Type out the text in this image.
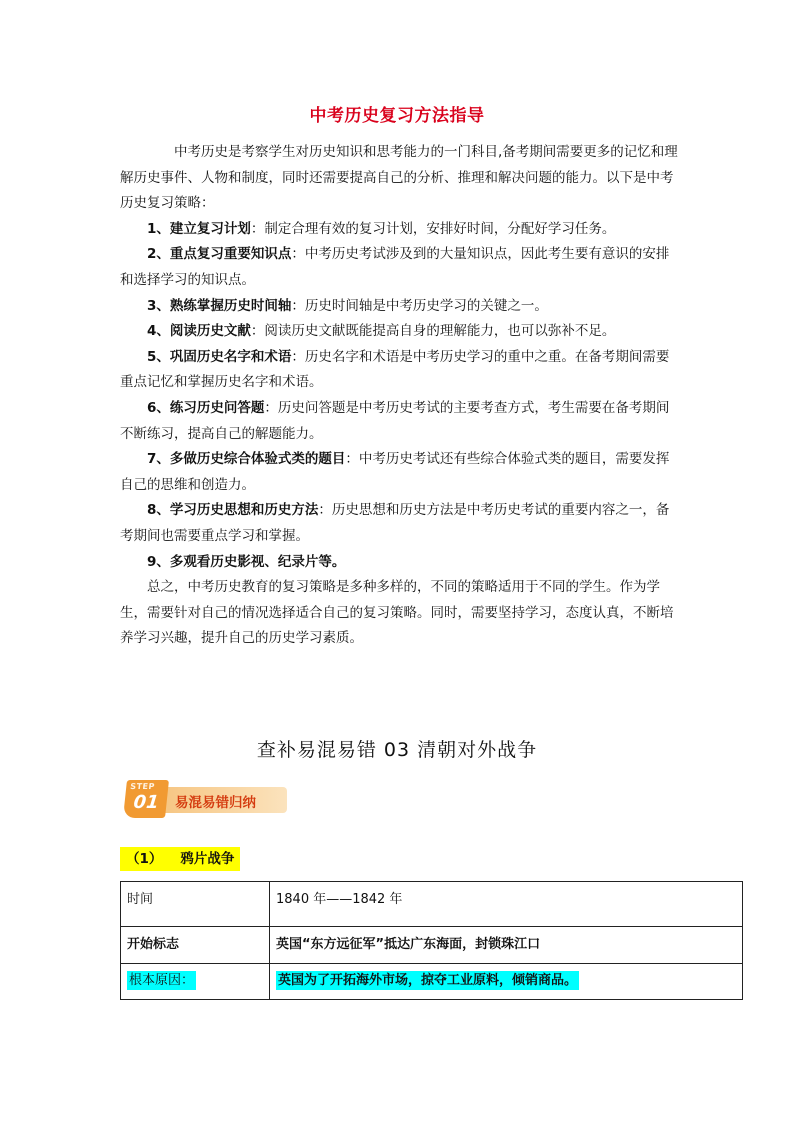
中考历史复习方法指导

中考历史是考察学生对历史知识和思考能力的一门科目,备考期间需要更多的记忆和理解历史事件、人物和制度，同时还需要提高自己的分析、推理和解决问题的能力。以下是中考历史复习策略：

1、建立复习计划：制定合理有效的复习计划，安排好时间，分配好学习任务。

2、重点复习重要知识点：中考历史考试涉及到的大量知识点，因此考生要有意识的安排和选择学习的知识点。

3、熟练掌握历史时间轴：历史时间轴是中考历史学习的关键之一。

4、阅读历史文献：阅读历史文献既能提高自身的理解能力，也可以弥补不足。

5、巩固历史名字和术语：历史名字和术语是中考历史学习的重中之重。在备考期间需要重点记忆和掌握历史名字和术语。

6、练习历史问答题：历史问答题是中考历史考试的主要考查方式，考生需要在备考期间不断练习，提高自己的解题能力。

7、多做历史综合体验式类的题目：中考历史考试还有些综合体验式类的题目，需要发挥自己的思维和创造力。

8、学习历史思想和历史方法：历史思想和历史方法是中考历史考试的重要内容之一，备考期间也需要重点学习和掌握。

9、多观看历史影视、纪录片等。

总之，中考历史教育的复习策略是多种多样的，不同的策略适用于不同的学生。作为学生，需要针对自己的情况选择适合自己的复习策略。同时，需要坚持学习，态度认真，不断培养学习兴趣，提升自己的历史学习素质。

查补易混易错 03 清朝对外战争
STEP
01 易混易错归纳
（1） 鸦片战争
时间	1840 年——1842 年
开始标志	英国“东方远征军”抵达广东海面，封锁珠江口
根本原因：	英国为了开拓海外市场，掠夺工业原料，倾销商品。
